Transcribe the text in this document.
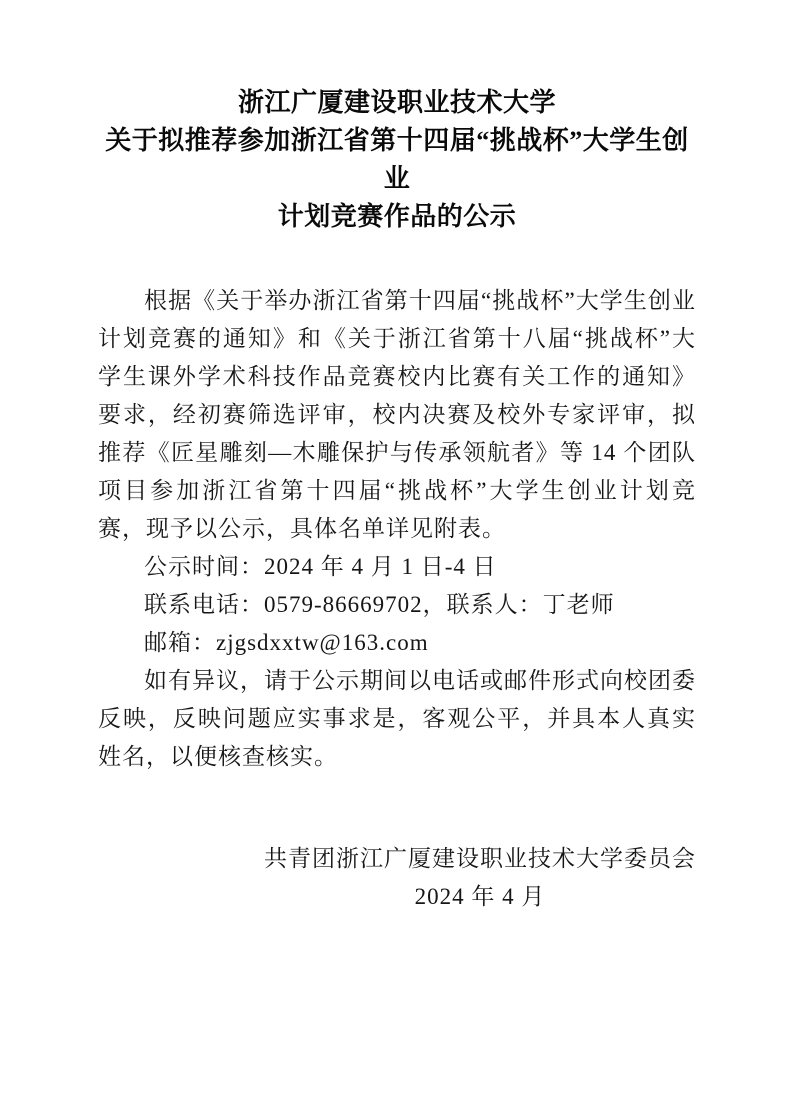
浙江广厦建设职业技术大学
关于拟推荐参加浙江省第十四届“挑战杯”大学生创业
计划竞赛作品的公示

根据《关于举办浙江省第十四届“挑战杯”大学生创业计划竞赛的通知》和《关于浙江省第十八届“挑战杯”大学生课外学术科技作品竞赛校内比赛有关工作的通知》要求，经初赛筛选评审，校内决赛及校外专家评审，拟推荐《匠星雕刻—木雕保护与传承领航者》等 14 个团队项目参加浙江省第十四届“挑战杯”大学生创业计划竞赛，现予以公示，具体名单详见附表。

公示时间：2024 年 4 月 1 日-4 日

联系电话：0579-86669702，联系人：丁老师

邮箱：zjgsdxxtw@163.com

如有异议，请于公示期间以电话或邮件形式向校团委反映，反映问题应实事求是，客观公平，并具本人真实姓名，以便核查核实。

共青团浙江广厦建设职业技术大学委员会
2024 年 4 月
